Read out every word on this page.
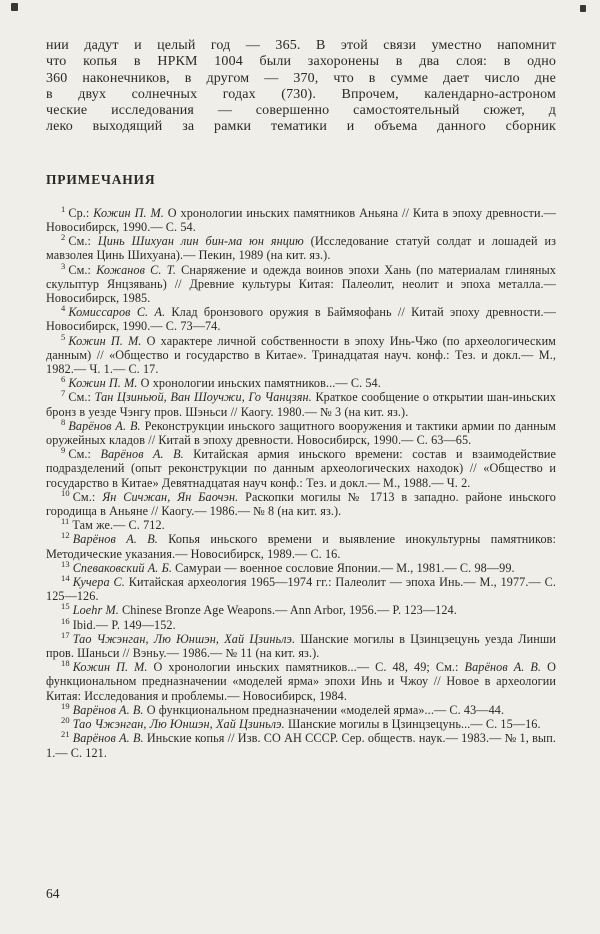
нии дадут и целый год — 365. В этой связи уместно напомнит
что копья в НРКМ 1004 были захоронены в два слоя: в одно
360 наконечников, в другом — 370, что в сумме дает число дне
в двух солнечных годах (730). Впрочем, календарно-астроном
ческие исследования — совершенно самостоятельный сюжет, д
леко выходящий за рамки тематики и объема данного сборник
ПРИМЕЧАНИЯ

$^1$ Ср.: Кожин П. М. О хронологии иньских памятников Аньяна // Кита в эпоху древности.— Новосибирск, 1990.— С. 54.

$^2$ См.: Цинь Шихуан лин бин-ма юн янцию (Исследование статуй солдат и лошадей из мавзолея Цинь Шихуана).— Пекин, 1989 (на кит. яз.).

$^3$ См.: Кожанов С. Т. Снаряжение и одежда воинов эпохи Хань (по материалам глиняных скульптур Янцзявань) // Древние культуры Китая: Палеолит, неолит и эпоха металла.— Новосибирск, 1985.

$^4$ Комиссаров С. А. Клад бронзового оружия в Баймяофань // Китай эпоху древности.— Новосибирск, 1990.— С. 73—74.

$^5$ Кожин П. М. О характере личной собственности в эпоху Инь-Чжо (по археологическим данным) // «Общество и государство в Китае». Тринадцатая науч. конф.: Тез. и докл.— М., 1982.— Ч. 1.— С. 17.

$^6$ Кожин П. М. О хронологии иньских памятников...— С. 54.

$^7$ См.: Тан Цзиньюй, Ван Шоучжи, Го Чанцзян. Краткое сообщение о открытии шан-иньских бронз в уезде Чэнгу пров. Шэньси // Каогу. 1980.— № 3 (на кит. яз.).

$^8$ Варёнов А. В. Реконструкции иньского защитного вооружения и тактики армии по данным оружейных кладов // Китай в эпоху древности. Новосибирск, 1990.— С. 63—65.

$^9$ См.: Варёнов А. В. Китайская армия иньского времени: состав и взаимодействие подразделений (опыт реконструкции по данным археологических находок) // «Общество и государство в Китае» Девятнадцатая науч конф.: Тез. и докл.— М., 1988.— Ч. 2.

$^{10}$ См.: Ян Сичжан, Ян Баочэн. Раскопки могилы № 1713 в западно. районе иньского городища в Аньяне // Каогу.— 1986.— № 8 (на кит. яз.).

$^{11}$ Там же.— С. 712.

$^{12}$ Варёнов А. В. Копья иньского времени и выявление инокультурны памятников: Методические указания.— Новосибирск, 1989.— С. 16.

$^{13}$ Спеваковский А. Б. Самураи — военное сословие Японии.— М., 1981.— С. 98—99.

$^{14}$ Кучера С. Китайская археология 1965—1974 гг.: Палеолит — эпоха Инь.— М., 1977.— С. 125—126.

$^{15}$ Loehr M. Chinese Bronze Age Weapons.— Ann Arbor, 1956.— P. 123—124.

$^{16}$ Ibid.— P. 149—152.

$^{17}$ Тао Чжэнган, Лю Юншэн, Хай Цзиньлэ. Шанские могилы в Цзинцзецунь уезда Линши пров. Шаньси // Вэньу.— 1986.— № 11 (на кит. яз.).

$^{18}$ Кожин П. М. О хронологии иньских памятников...— С. 48, 49; См.: Варёнов А. В. О функциональном предназначении «моделей ярма» эпохи Инь и Чжоу // Новое в археологии Китая: Исследования и проблемы.— Новосибирск, 1984.

$^{19}$ Варёнов А. В. О функциональном предназначении «моделей ярма»...— С. 43—44.

$^{20}$ Тао Чжэнган, Лю Юншэн, Хай Цзиньлэ. Шанские могилы в Цзинцзецунь...— С. 15—16.

$^{21}$ Варёнов А. В. Иньские копья // Изв. СО АН СССР. Сер. обществ. наук.— 1983.— № 1, вып. 1.— С. 121.

64
